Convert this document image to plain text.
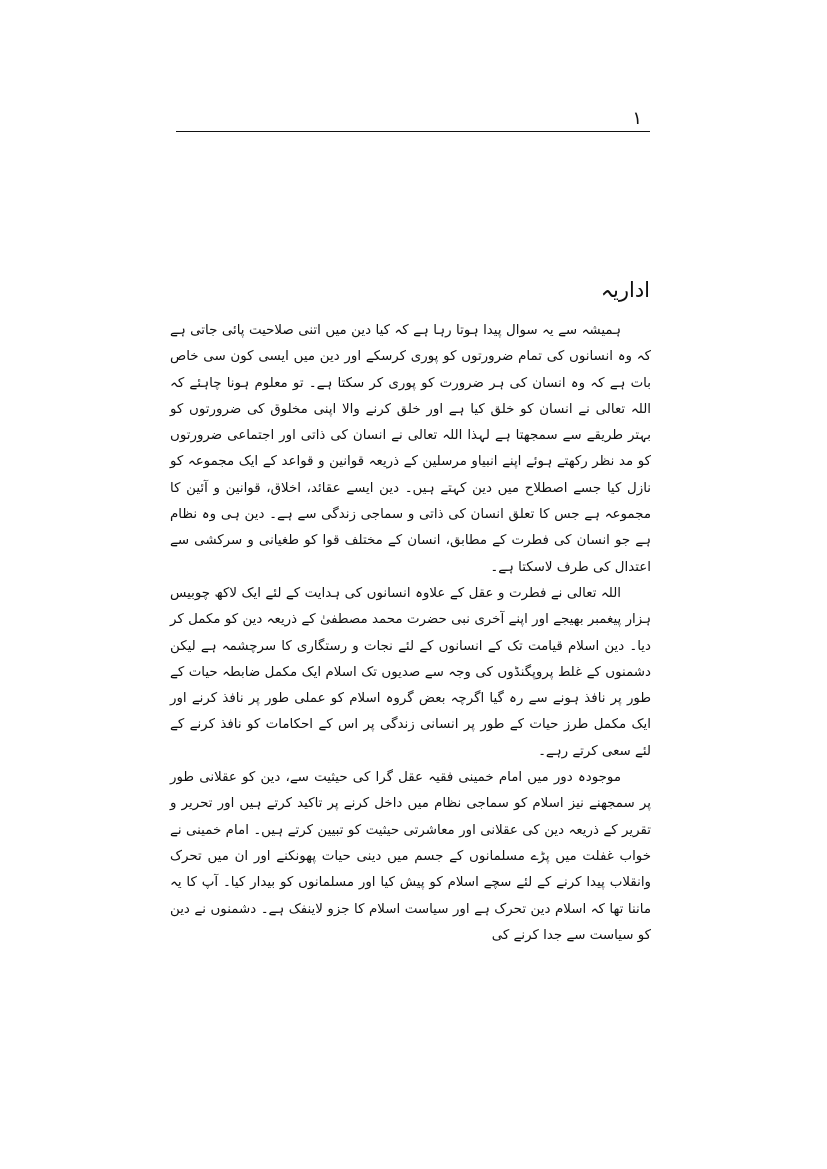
۱
اداریہ

ہمیشہ سے یہ سوال پیدا ہوتا رہا ہے کہ کیا دین میں اتنی صلاحیت پائی جاتی ہے کہ وہ انسانوں کی تمام ضرورتوں کو پوری کرسکے اور دین میں ایسی کون سی خاص بات ہے کہ وہ انسان کی ہر ضرورت کو پوری کر سکتا ہے۔ تو معلوم ہونا چاہئے کہ اللہ تعالی نے انسان کو خلق کیا ہے اور خلق کرنے والا اپنی مخلوق کی ضرورتوں کو بہتر طریقے سے سمجھتا ہے لہذا اللہ تعالی نے انسان کی ذاتی اور اجتماعی ضرورتوں کو مد نظر رکھتے ہوئے اپنے انبیاو مرسلین کے ذریعہ قوانین و قواعد کے ایک مجموعہ کو نازل کیا جسے اصطلاح میں دین کہتے ہیں۔ دین ایسے عقائد، اخلاق، قوانین و آئین کا مجموعہ ہے جس کا تعلق انسان کی ذاتی و سماجی زندگی سے ہے۔ دین ہی وہ نظام ہے جو انسان کی فطرت کے مطابق، انسان کے مختلف قوا کو طغیانی و سرکشی سے اعتدال کی طرف لاسکتا ہے۔

اللہ تعالی نے فطرت و عقل کے علاوہ انسانوں کی ہدایت کے لئے ایک لاکھ چوبیس ہزار پیغمبر بھیجے اور اپنے آخری نبی حضرت محمد مصطفیٰ کے ذریعہ دین کو مکمل کر دیا۔ دین اسلام قیامت تک کے انسانوں کے لئے نجات و رستگاری کا سرچشمہ ہے لیکن دشمنوں کے غلط پروپگنڈوں کی وجہ سے صدیوں تک اسلام ایک مکمل ضابطہ حیات کے طور پر نافذ ہونے سے رہ گیا اگرچہ بعض گروہ اسلام کو عملی طور پر نافذ کرنے اور ایک مکمل طرز حیات کے طور پر انسانی زندگی پر اس کے احکامات کو نافذ کرنے کے لئے سعی کرتے رہے۔

موجودہ دور میں امام خمینی فقیہ عقل گرا کی حیثیت سے، دین کو عقلانی طور پر سمجھنے نیز اسلام کو سماجی نظام میں داخل کرنے پر تاکید کرتے ہیں اور تحریر و تقریر کے ذریعہ دین کی عقلانی اور معاشرتی حیثیت کو تبیین کرتے ہیں۔ امام خمینی نے خواب غفلت میں پڑے مسلمانوں کے جسم میں دینی حیات پھونکنے اور ان میں تحرک وانقلاب پیدا کرنے کے لئے سچے اسلام کو پیش کیا اور مسلمانوں کو بیدار کیا۔ آپ کا یہ ماننا تھا کہ اسلام دین تحرک ہے اور سیاست اسلام کا جزو لاینفک ہے۔ دشمنوں نے دین کو سیاست سے جدا کرنے کی
